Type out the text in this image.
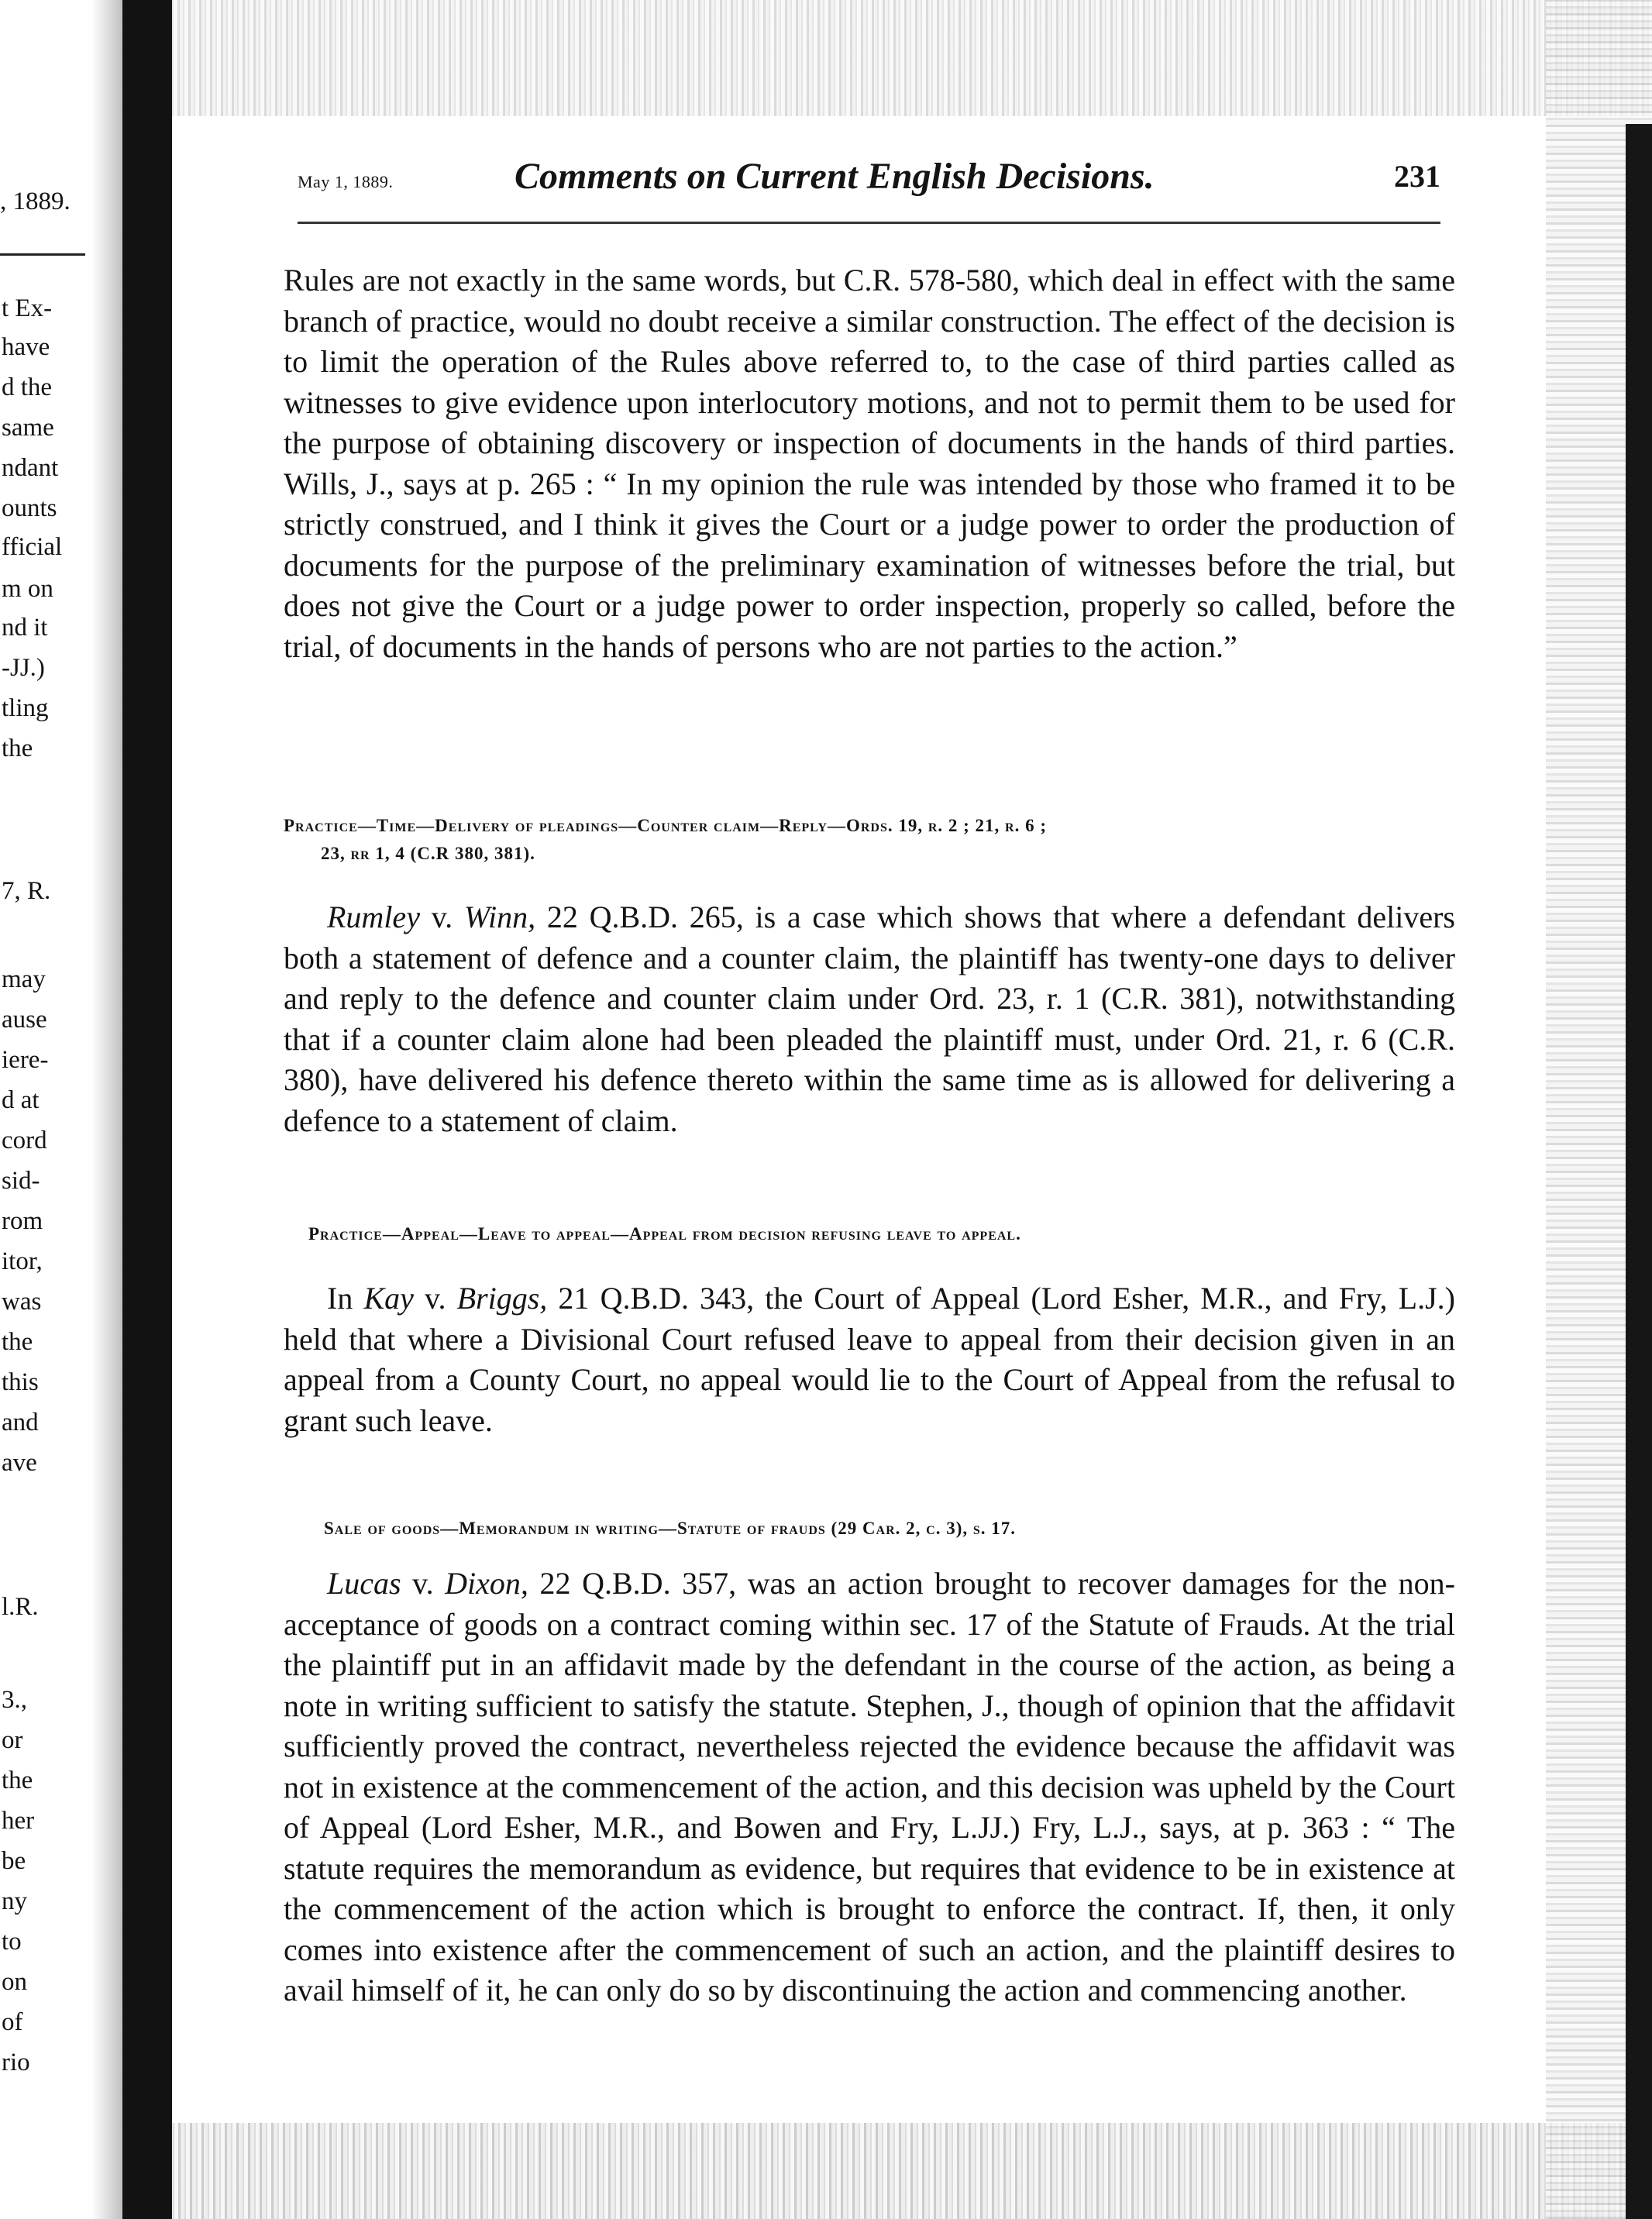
, 1889.
t Ex-
have
d the
same
ndant
ounts
fficial
m on
nd it
-JJ.)
tling
the
7, R.
may
ause
iere-
d at
cord
sid-
rom
itor,
was
the
this
and
ave
l.R.
3.,
or
the
her
be
ny
to
on
of
rio
May 1, 1889.	Comments on Current English Decisions.	231

Rules are not exactly in the same words, but C.R. 578-580, which deal in effect with the same branch of practice, would no doubt receive a similar construction. The effect of the decision is to limit the operation of the Rules above referred to, to the case of third parties called as witnesses to give evidence upon interlocutory motions, and not to permit them to be used for the purpose of obtaining discovery or inspection of documents in the hands of third parties. Wills, J., says at p. 265 : “ In my opinion the rule was intended by those who framed it to be strictly construed, and I think it gives the Court or a judge power to order the production of documents for the purpose of the preliminary examination of witnesses before the trial, but does not give the Court or a judge power to order inspection, properly so called, before the trial, of documents in the hands of persons who are not parties to the action.”

Practice—Time—Delivery of pleadings—Counter claim—Reply—Ords. 19, r. 2 ; 21, r. 6 ;
23, rr 1, 4 (C.R 380, 381).

Rumley v. Winn, 22 Q.B.D. 265, is a case which shows that where a defendant delivers both a statement of defence and a counter claim, the plaintiff has twenty-one days to deliver and reply to the defence and counter claim under Ord. 23, r. 1 (C.R. 381), notwithstanding that if a counter claim alone had been pleaded the plaintiff must, under Ord. 21, r. 6 (C.R. 380), have delivered his defence thereto within the same time as is allowed for delivering a defence to a statement of claim.

Practice—Appeal—Leave to appeal—Appeal from decision refusing leave to appeal.

In Kay v. Briggs, 21 Q.B.D. 343, the Court of Appeal (Lord Esher, M.R., and Fry, L.J.) held that where a Divisional Court refused leave to appeal from their decision given in an appeal from a County Court, no appeal would lie to the Court of Appeal from the refusal to grant such leave.

Sale of goods—Memorandum in writing—Statute of frauds (29 Car. 2, c. 3), s. 17.

Lucas v. Dixon, 22 Q.B.D. 357, was an action brought to recover damages for the non-acceptance of goods on a contract coming within sec. 17 of the Statute of Frauds. At the trial the plaintiff put in an affidavit made by the defendant in the course of the action, as being a note in writing sufficient to satisfy the statute. Stephen, J., though of opinion that the affidavit sufficiently proved the contract, nevertheless rejected the evidence because the affidavit was not in existence at the commencement of the action, and this decision was upheld by the Court of Appeal (Lord Esher, M.R., and Bowen and Fry, L.JJ.) Fry, L.J., says, at p. 363 : “ The statute requires the memorandum as evidence, but requires that evidence to be in existence at the commencement of the action which is brought to enforce the contract. If, then, it only comes into existence after the commencement of such an action, and the plaintiff desires to avail himself of it, he can only do so by discontinuing the action and commencing another.
